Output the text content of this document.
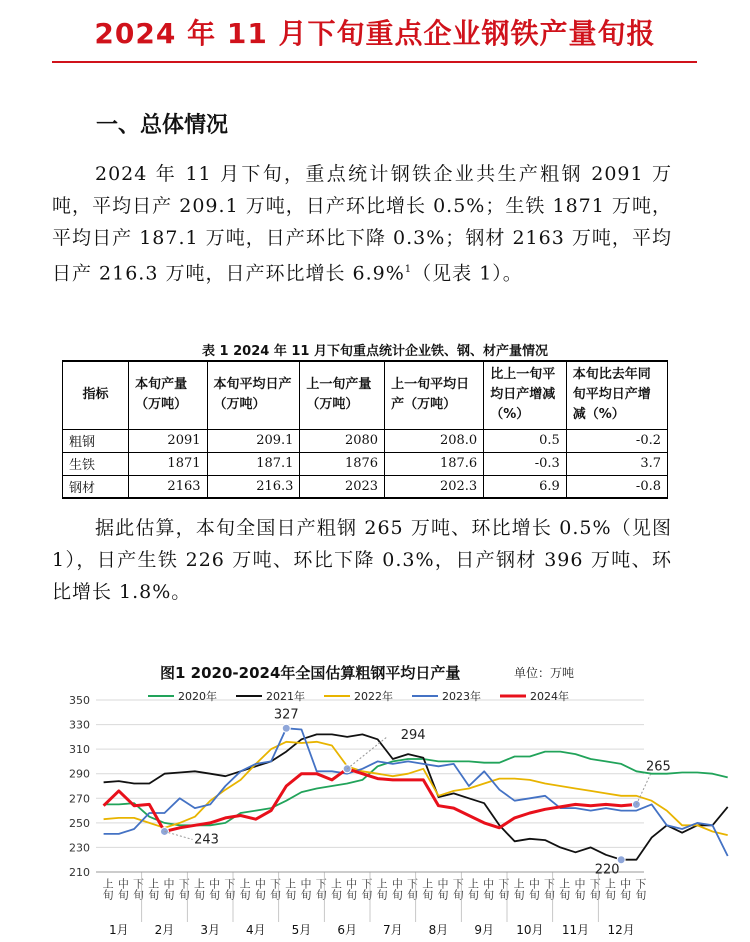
2024 年 11 月下旬重点企业钢铁产量旬报
一、总体情况

2024 年 11 月下旬，重点统计钢铁企业共生产粗钢 2091 万吨，平均日产 209.1 万吨，日产环比增长 0.5%；生铁 1871 万吨，平均日产 187.1 万吨，日产环比下降 0.3%；钢材 2163 万吨，平均日产 216.3 万吨，日产环比增长 6.9%$^1$（见表 1）。

表 1 2024 年 11 月下旬重点统计企业铁、钢、材产量情况
指标	本旬产量（万吨）	本旬平均日产（万吨）	上一旬产量（万吨）	上一旬平均日产（万吨）	比上一旬平均日产增减（%）	本旬比去年同旬平均日产增减（%）
粗钢	2091	209.1	2080	208.0	0.5	-0.2
生铁	1871	187.1	1876	187.6	-0.3	3.7
钢材	2163	216.3	2023	202.3	6.9	-0.8

据此估算，本旬全国日产粗钢 265 万吨、环比增长 0.5%（见图 1），日产生铁 226 万吨、环比下降 0.3%，日产钢材 396 万吨、环比增长 1.8%。

210
230
250
270
290
310
330
350
上旬 中旬 下旬
1月
上旬 中旬 下旬
2月
上旬 中旬 下旬
3月
上旬 中旬 下旬
4月
上旬 中旬 下旬
5月
上旬 中旬 下旬
6月
上旬 中旬 下旬
7月
上旬 中旬 下旬
8月
上旬 中旬 下旬
9月
上旬 中旬 下旬
10月
上旬 中旬 下旬
11月
上旬 中旬 下旬
12月
2020年	2021年	2022年	2023年	2024年
327
294
243
265
220
图1 2020-2024年全国估算粗钢平均日产量	单位：万吨
